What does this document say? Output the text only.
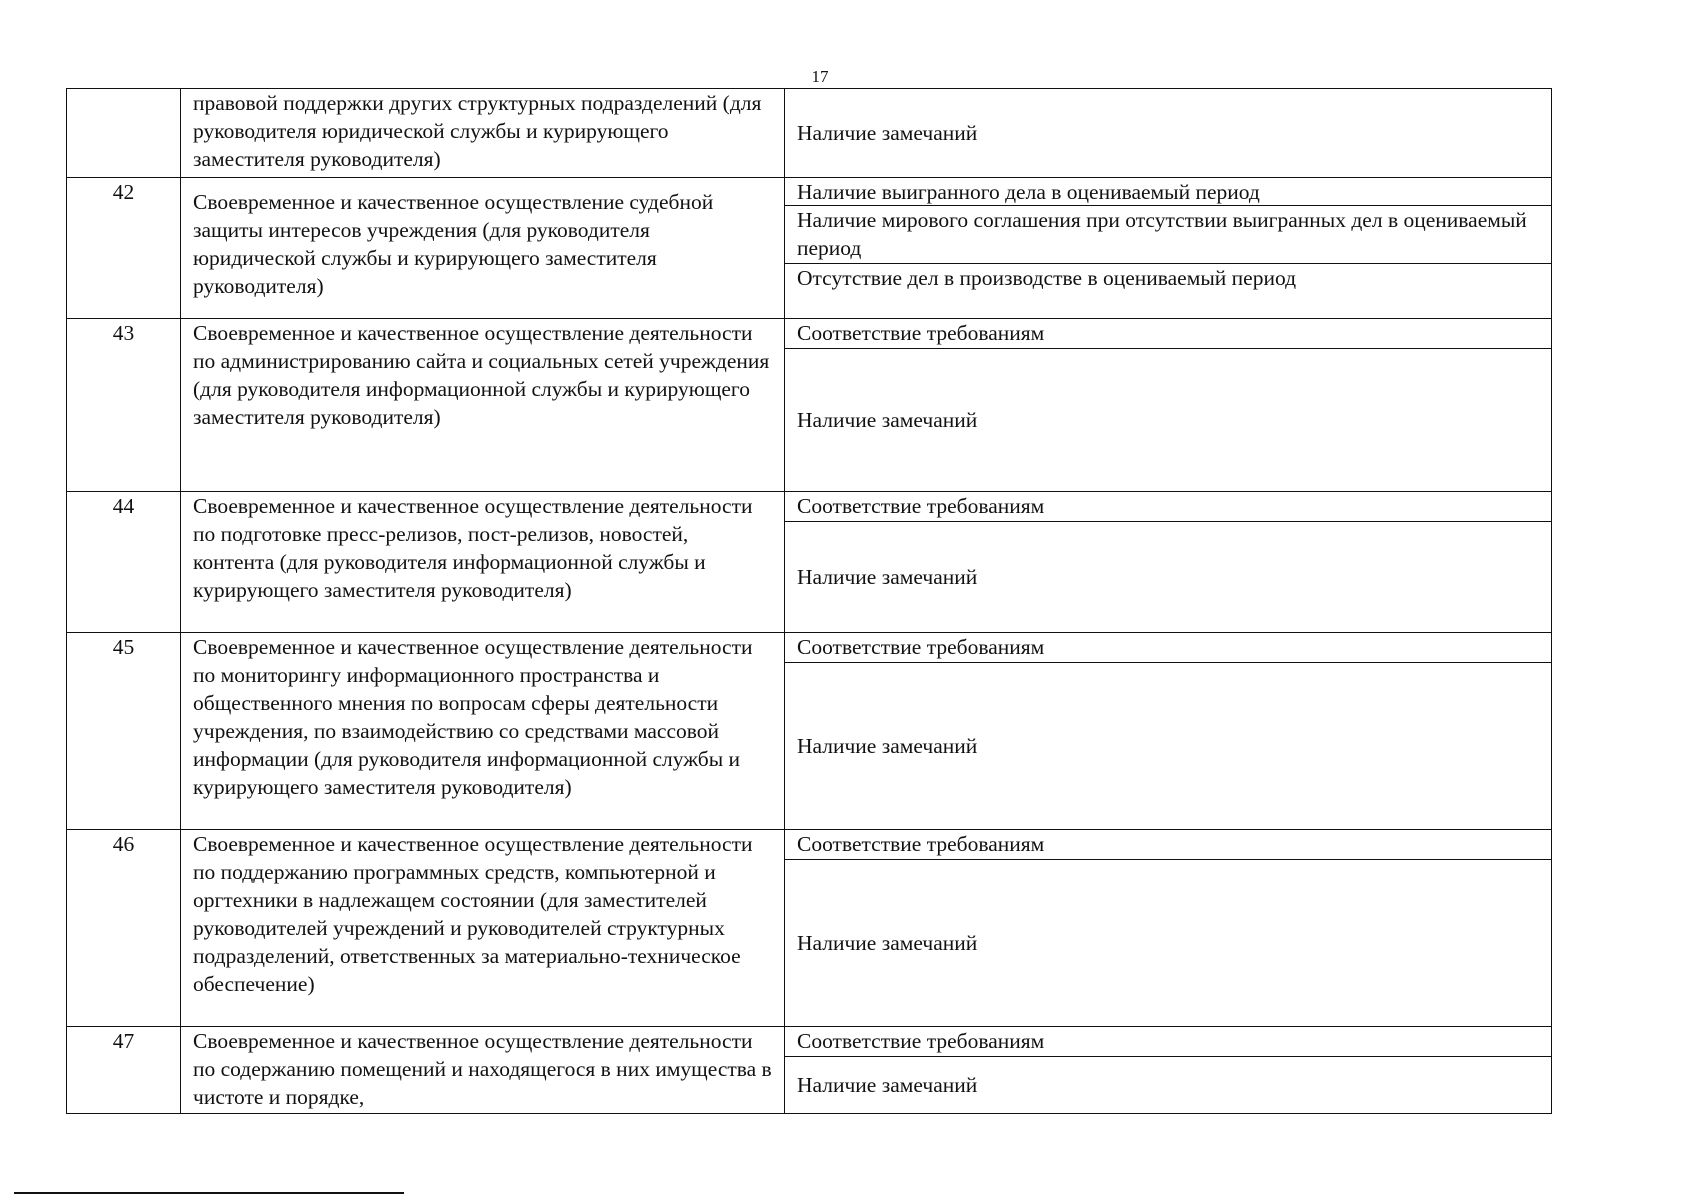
17
	правовой поддержки других структурных подразделений (для руководителя юридической службы и курирующего заместителя руководителя)	Наличие замечаний

42	Своевременное и качественное осуществление судебной защиты интересов учреждения (для руководителя юридической службы и курирующего заместителя руководителя)	Наличие выигранного дела в оцениваемый период
Наличие мирового соглашения при отсутствии выигранных дел в оцениваемый период
Отсутствие дел в производстве в оцениваемый период

43	Своевременное и качественное осуществление деятельности по администрированию сайта и социальных сетей учреждения (для руководителя информационной службы и курирующего заместителя руководителя)	Соответствие требованиям
Наличие замечаний

44	Своевременное и качественное осуществление деятельности по подготовке пресс-релизов, пост-релизов, новостей, контента (для руководителя информационной службы и курирующего заместителя руководителя)	Соответствие требованиям
Наличие замечаний

45	Своевременное и качественное осуществление деятельности по мониторингу информационного пространства и общественного мнения по вопросам сферы деятельности учреждения, по взаимодействию со средствами массовой информации (для руководителя информационной службы и курирующего заместителя руководителя)	Соответствие требованиям
Наличие замечаний

46	Своевременное и качественное осуществление деятельности по поддержанию программных средств, компьютерной и оргтехники в надлежащем состоянии (для заместителей руководителей учреждений и руководителей структурных подразделений, ответственных за материально-техническое обеспечение)	Соответствие требованиям
Наличие замечаний

47	Своевременное и качественное осуществление деятельности по содержанию помещений и находящегося в них имущества в чистоте и порядке,	Соответствие требованиям
Наличие замечаний
